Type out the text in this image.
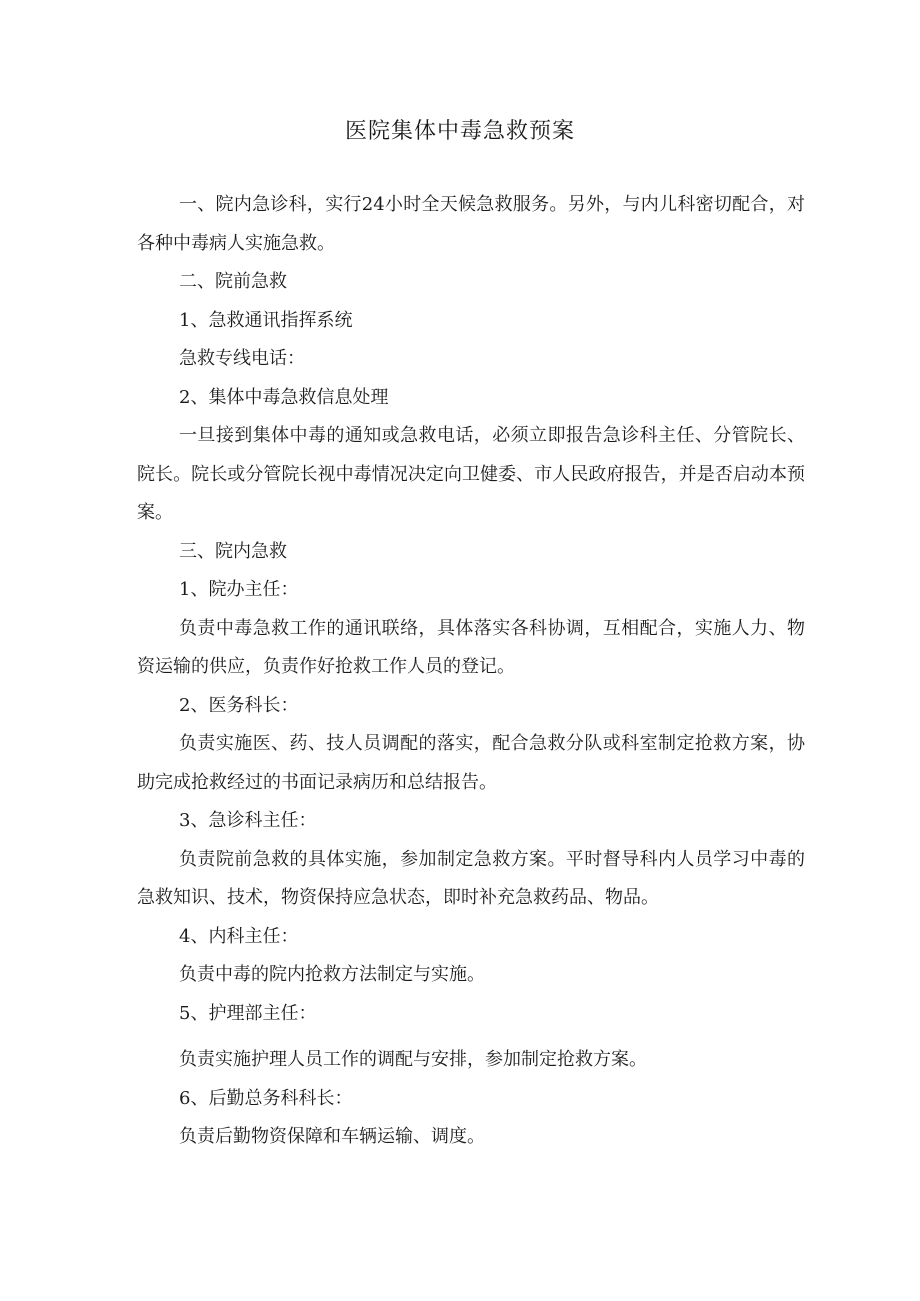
医院集体中毒急救预案

一、院内急诊科，实行24小时全天候急救服务。另外，与内儿科密切配合，对各种中毒病人实施急救。

二、院前急救

1、急救通讯指挥系统

急救专线电话：

2、集体中毒急救信息处理

一旦接到集体中毒的通知或急救电话，必须立即报告急诊科主任、分管院长、院长。院长或分管院长视中毒情况决定向卫健委、市人民政府报告，并是否启动本预案。

三、院内急救

1、院办主任：

负责中毒急救工作的通讯联络，具体落实各科协调，互相配合，实施人力、物资运输的供应，负责作好抢救工作人员的登记。

2、医务科长：

负责实施医、药、技人员调配的落实，配合急救分队或科室制定抢救方案，协助完成抢救经过的书面记录病历和总结报告。

3、急诊科主任：

负责院前急救的具体实施，参加制定急救方案。平时督导科内人员学习中毒的急救知识、技术，物资保持应急状态，即时补充急救药品、物品。

4、内科主任：

负责中毒的院内抢救方法制定与实施。

5、护理部主任：

负责实施护理人员工作的调配与安排，参加制定抢救方案。

6、后勤总务科科长：

负责后勤物资保障和车辆运输、调度。
